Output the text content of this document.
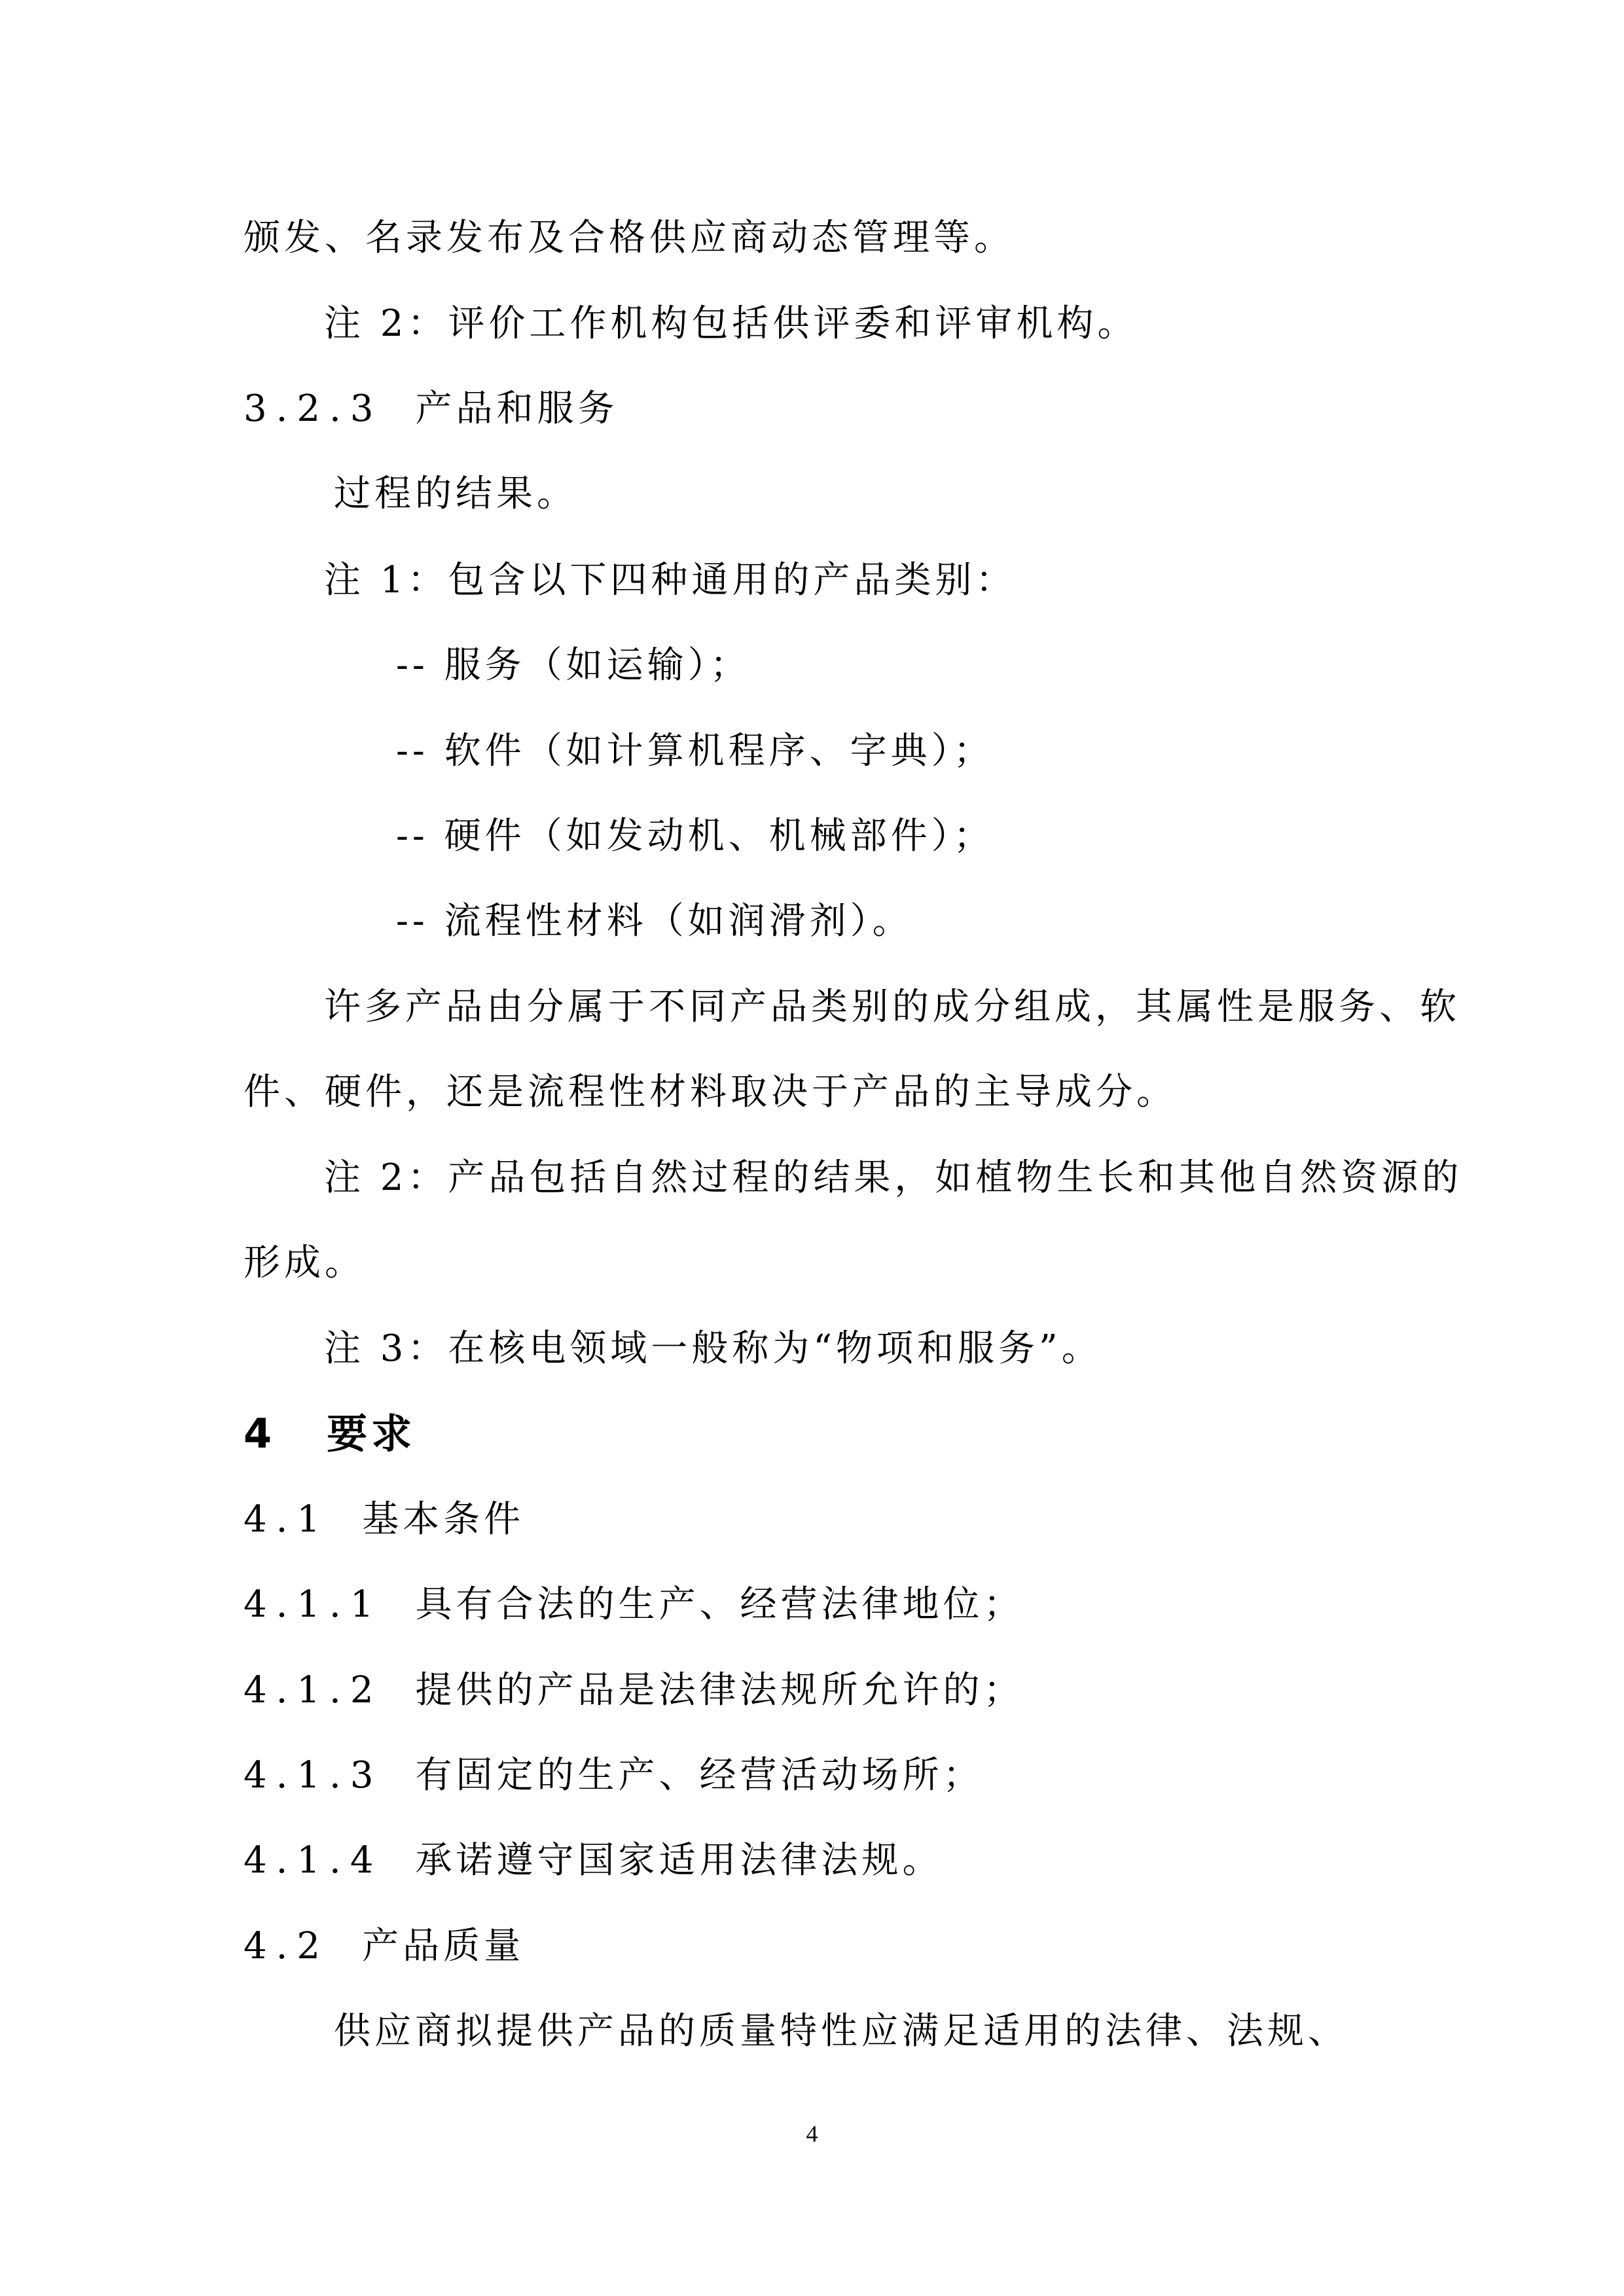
颁发、名录发布及合格供应商动态管理等。
注 2：评价工作机构包括供评委和评审机构。
3.2.3 产品和服务
过程的结果。
注 1：包含以下四种通用的产品类别：
-- 服务（如运输）；
-- 软件（如计算机程序、字典）；
-- 硬件（如发动机、机械部件）；
-- 流程性材料（如润滑剂）。
许多产品由分属于不同产品类别的成分组成，其属性是服务、软
件、硬件，还是流程性材料取决于产品的主导成分。
注 2：产品包括自然过程的结果，如植物生长和其他自然资源的
形成。
注 3：在核电领域一般称为“物项和服务”。
4 要求
4.1 基本条件
4.1.1 具有合法的生产、经营法律地位；
4.1.2 提供的产品是法律法规所允许的；
4.1.3 有固定的生产、经营活动场所；
4.1.4 承诺遵守国家适用法律法规。
4.2 产品质量
供应商拟提供产品的质量特性应满足适用的法律、法规、
4
